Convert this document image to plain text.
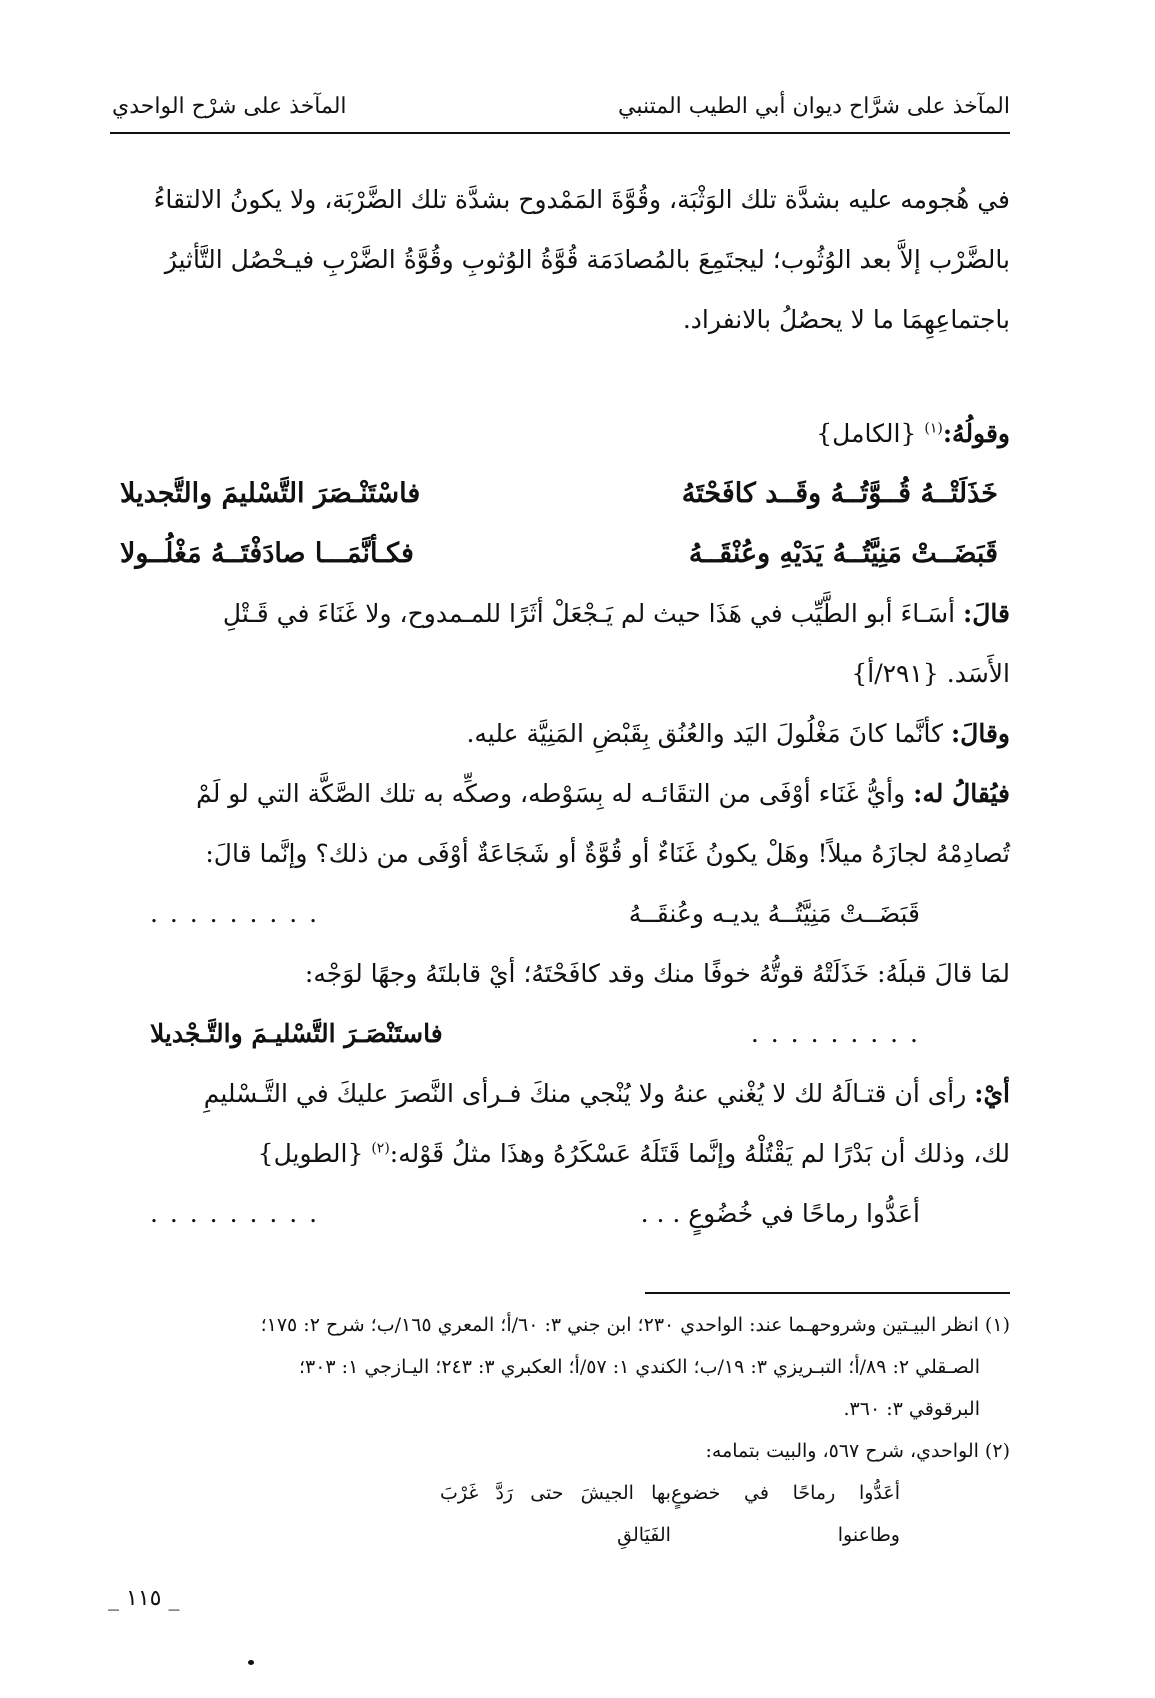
المآخذ على شرَّاح ديوان أبي الطيب المتنبي
المآخذ على شرْح الواحدي

في هُجومه عليه بشدَّة تلك الوَثْبَة، وقُوَّةَ المَمْدوح بشدَّة تلك الضَّرْبَة، ولا يكونُ الالتقاءُ
بالضَّرْب إلاَّ بعد الوُثُوب؛ ليجتَمِعَ بالمُصادَمَة قُوَّةُ الوُثوبِ وقُوَّةُ الضَّرْبِ فيـحْصُل التَّأثيرُ
باجتماعِهِمَا ما لا يحصُلُ بالانفراد.

وقولُهُ:$^{(١)}$ {الكامل}

خَذَلَتْــهُ قُــوَّتُــهُ وقَــد كافَحْتَهُ
فاسْتَنْـصَرَ التَّسْليمَ والتَّجديلا
قَبَضَــتْ مَنِيَّتُــهُ يَدَيْهِ وعُنْقَــهُ
فكـأنَّمَـــا صادَفْتَــهُ مَغْلُــولا

قالَ: أسَـاءَ أبو الطَّيِّب في هَذَا حيث لم يَـجْعَلْ أثَرًا للمـمدوح، ولا غَنَاءَ في قَـتْلِ
الأَسَد. {٢٩١/أ}

وقالَ: كأنَّما كانَ مَغْلُولَ اليَد والعُنُق بِقَبْضِ المَنِيَّة عليه.

فيُقالُ له: وأيُّ غَنَاء أوْفَى من التقَائـه له بِسَوْطه، وصكِّه به تلك الصَّكَّة التي لو لَمْ
تُصادِمْهُ لجازَهُ ميلاً! وهَلْ يكونُ غَنَاءٌ أو قُوَّةٌ أو شَجَاعَةٌ أوْفَى من ذلك؟ وإنَّما قالَ:

قَبَضَــتْ مَنِيَّتُــهُ يديـه وعُنقَــهُ
. . . . . . . . .

لمَا قالَ قبلَهُ: خَذَلَتْهُ قوتُّهُ خوفًا منك وقد كافَحْتَهُ؛ أيْ قابلتَهُ وجهًا لوَجْه:

. . . . . . . . .
فاستَنْصَـرَ التَّسْليـمَ والتَّـجْديلا

أيْ: رأى أن قتـالَهُ لك لا يُغْني عنهُ ولا يُنْجي منكَ فـرأى النَّصرَ عليكَ في التَّـسْليمِ
لك، وذلك أن بَدْرًا لم يَقْتُلْهُ وإنَّما قَتَلَهُ عَسْكَرُهُ وهذَا مثلُ قَوْله:$^{(٢)}$ {الطويل}

أعَدُّوا رماحًا في خُضُوعٍ . . .
. . . . . . . . .

(١) انظر البيـتين وشروحهـما عند: الواحدي ٢٣٠؛ ابن جني ٣: ٦٠/أ؛ المعري ١٦٥/ب؛ شرح ٢: ١٧٥؛
الصـقلي ٢: ٨٩/أ؛ التبـريزي ٣: ١٩/ب؛ الكندي ١: ٥٧/أ؛ العكبري ٣: ٢٤٣؛ اليـازجي ١: ٣٠٣؛
البرقوقي ٣: ٣٦٠.

(٢) الواحدي، شرح ٥٦٧، والبيت بتمامه:

أعَدُّوا رماحًا في خضوعٍ وطاعنوا
بها الجيشَ حتى رَدَّ غَرْبَ الفَيَالقِ
_ ١١٥ _
